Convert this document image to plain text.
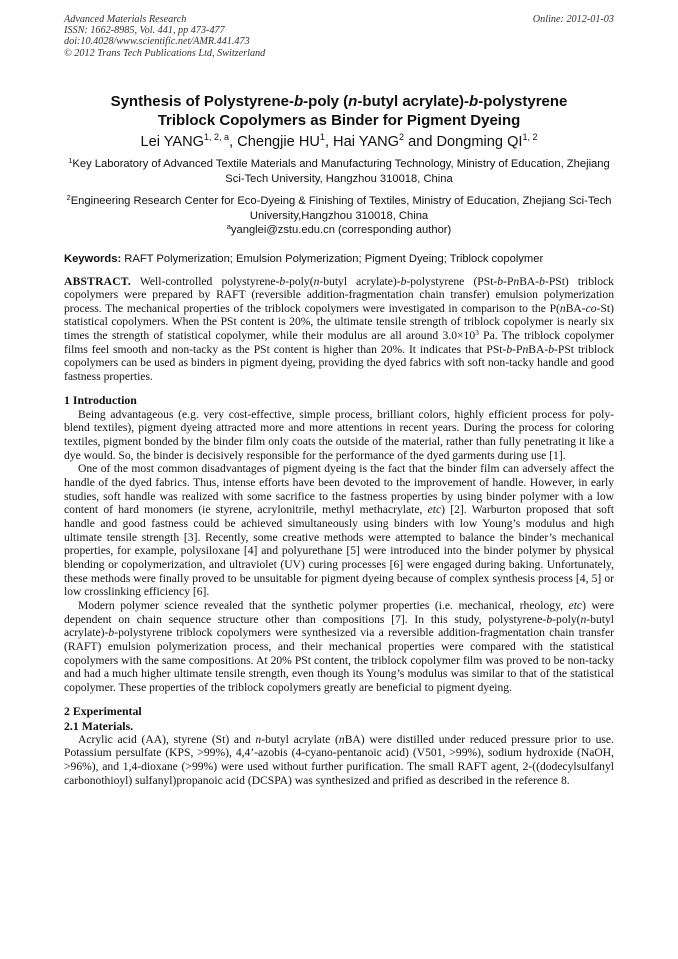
Advanced Materials Research
ISSN: 1662-8985, Vol. 441, pp 473-477
doi:10.4028/www.scientific.net/AMR.441.473
© 2012 Trans Tech Publications Ltd, Switzerland
Online: 2012-01-03
Synthesis of Polystyrene-b-poly (n-butyl acrylate)-b-polystyrene
Triblock Copolymers as Binder for Pigment Dyeing
Lei YANG$^{1, 2, a}$, Chengjie $HU^1$, Hai YANG$^2$ and Dongming QI$^{1, 2}$
$^1$Key Laboratory of Advanced Textile Materials and Manufacturing Technology, Ministry of Education, Zhejiang Sci-Tech University, Hangzhou 310018, China
$^2$Engineering Research Center for Eco-Dyeing & Finishing of Textiles, Ministry of Education, Zhejiang Sci-Tech University,Hangzhou 310018, China
$^a$yanglei@zstu.edu.cn (corresponding author)
Keywords: RAFT Polymerization; Emulsion Polymerization; Pigment Dyeing; Triblock copolymer

ABSTRACT. Well-controlled polystyrene-b-poly(n-butyl acrylate)-b-polystyrene (PSt-b-PnBA-b-PSt) triblock copolymers were prepared by RAFT (reversible addition-fragmentation chain transfer) emulsion polymerization process. The mechanical properties of the triblock copolymers were investigated in comparison to the P(nBA-co-St) statistical copolymers. When the PSt content is 20%, the ultimate tensile strength of triblock copolymer is nearly six times the strength of statistical copolymer, while their modulus are all around $3.0\times 10^3$ Pa. The triblock copolymer films feel smooth and non-tacky as the PSt content is higher than 20%. It indicates that PSt-b-PnBA-b-PSt triblock copolymers can be used as binders in pigment dyeing, providing the dyed fabrics with soft non-tacky handle and good fastness properties.

1 Introduction

Being advantageous (e.g. very cost-effective, simple process, brilliant colors, highly efficient process for poly-blend textiles), pigment dyeing attracted more and more attentions in recent years. During the process for coloring textiles, pigment bonded by the binder film only coats the outside of the material, rather than fully penetrating it like a dye would. So, the binder is decisively responsible for the performance of the dyed garments during use [1].

One of the most common disadvantages of pigment dyeing is the fact that the binder film can adversely affect the handle of the dyed fabrics. Thus, intense efforts have been devoted to the improvement of handle. However, in early studies, soft handle was realized with some sacrifice to the fastness properties by using binder polymer with a low content of hard monomers (ie styrene, acrylonitrile, methyl methacrylate, etc) [2]. Warburton proposed that soft handle and good fastness could be achieved simultaneously using binders with low Young’s modulus and high ultimate tensile strength [3]. Recently, some creative methods were attempted to balance the binder’s mechanical properties, for example, polysiloxane [4] and polyurethane [5] were introduced into the binder polymer by physical blending or copolymerization, and ultraviolet (UV) curing processes [6] were engaged during baking. Unfortunately, these methods were finally proved to be unsuitable for pigment dyeing because of complex synthesis process [4, 5] or low crosslinking efficiency [6].

Modern polymer science revealed that the synthetic polymer properties (i.e. mechanical, rheology, etc) were dependent on chain sequence structure other than compositions [7]. In this study, polystyrene-b-poly(n-butyl acrylate)-b-polystyrene triblock copolymers were synthesized via a reversible addition-fragmentation chain transfer (RAFT) emulsion polymerization process, and their mechanical properties were compared with the statistical copolymers with the same compositions. At 20% PSt content, the triblock copolymer film was proved to be non-tacky and had a much higher ultimate tensile strength, even though its Young’s modulus was similar to that of the statistical copolymer. These properties of the triblock copolymers greatly are beneficial to pigment dyeing.

2 Experimental
2.1 Materials.

Acrylic acid (AA), styrene (St) and n-butyl acrylate (nBA) were distilled under reduced pressure prior to use. Potassium persulfate (KPS, >99%), 4,4’-azobis (4-cyano-pentanoic acid) (V501, >99%), sodium hydroxide (NaOH, >96%), and 1,4-dioxane (>99%) were used without further purification. The small RAFT agent, 2-((dodecylsulfanyl carbonothioyl) sulfanyl)propanoic acid (DCSPA) was synthesized and prified as described in the reference 8.
